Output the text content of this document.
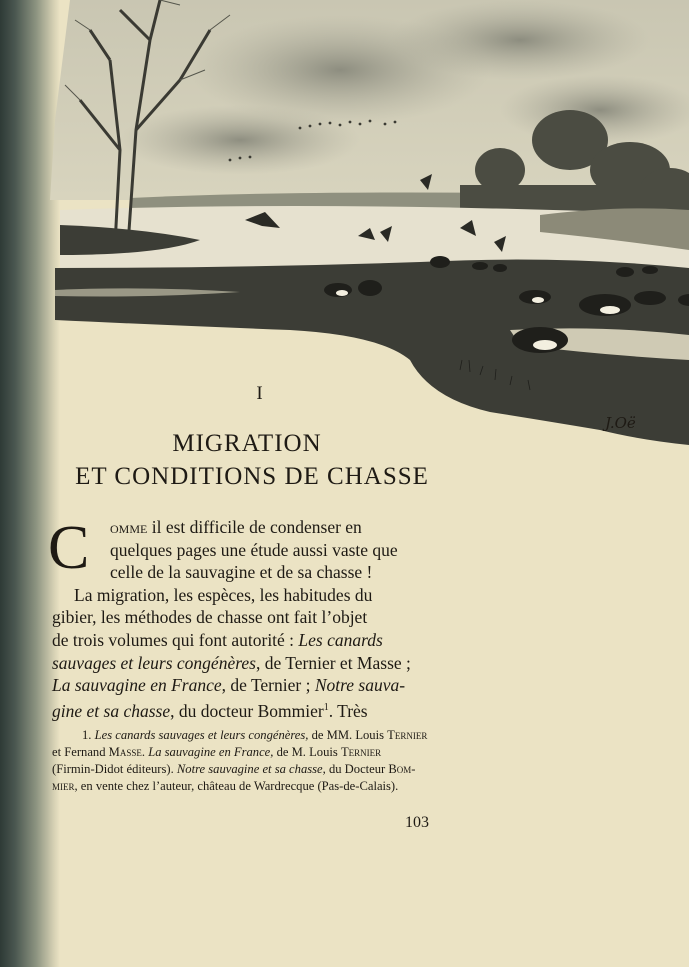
J.Oë
I
MIGRATION
ET CONDITIONS DE CHASSE
C omme il est difficile de condenser en
quelques pages une étude aussi vaste que
celle de la sauvagine et de sa chasse !
La migration, les espèces, les habitudes du
gibier, les méthodes de chasse ont fait l’objet
de trois volumes qui font autorité : Les canards
sauvages et leurs congénères, de Ternier et Masse ;
La sauvagine en France, de Ternier ; Notre sauva-
gine et sa chasse, du docteur Bommier$^1$. Très
1. Les canards sauvages et leurs congénères, de MM. Louis Ternier
et Fernand Masse. La sauvagine en France, de M. Louis Ternier
(Firmin-Didot éditeurs). Notre sauvagine et sa chasse, du Docteur Bom-
mier, en vente chez l’auteur, château de Wardrecque (Pas-de-Calais).
103
